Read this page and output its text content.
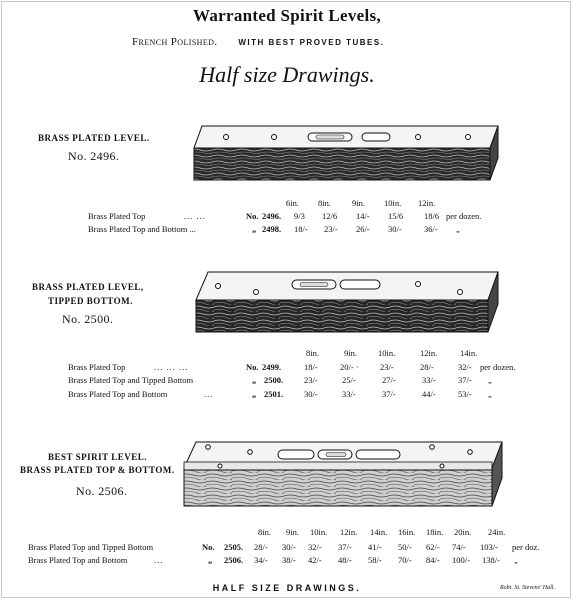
Warranted Spirit Levels,
French Polished.	WITH BEST PROVED TUBES.
Half size Drawings.
BRASS PLATED LEVEL.
No. 2496.
6in. 8in. 9in. 10in. 12in.
Brass Plated Top	... ...	No. 2496. 9/3 12/6 14/- 15/6 18/6 per dozen.
Brass Plated Top and Bottom ...	„ 2498. 18/- 23/- 26/- 30/-	36/- „
BRASS PLATED LEVEL,
TIPPED BOTTOM.
No. 2500.
8in.	9in. 10in.	12in.	14in.
Brass Plated Top	... ... ...	No. 2499.	18/-	20/- ·	23/-	28/-	32/- per dozen.
Brass Plated Top and Tipped Bottom	„ 2500. 23/-	25/-	27/-	33/-	37/- „
Brass Plated Top and Bottom	...	„ 2501. 30/-	33/-	37/-	44/-	53/- „
BEST SPIRIT LEVEL.
BRASS PLATED TOP & BOTTOM.
No. 2506.
8in. 9in. 10in. 12in. 14in. 16in. 18in. 20in. 24in.
Brass Plated Top and Tipped Bottom	No. 2505. 28/- 30/- 32/- 37/- 41/- 50/- 62/- 74/- 103/- per doz.
Brass Plated Top and Bottom	...	„ 2506. 34/- 38/- 42/- 48/- 58/- 70/- 84/- 100/- 138/- „
HALF SIZE DRAWINGS.	Robt. St. Stevens' Hall.
